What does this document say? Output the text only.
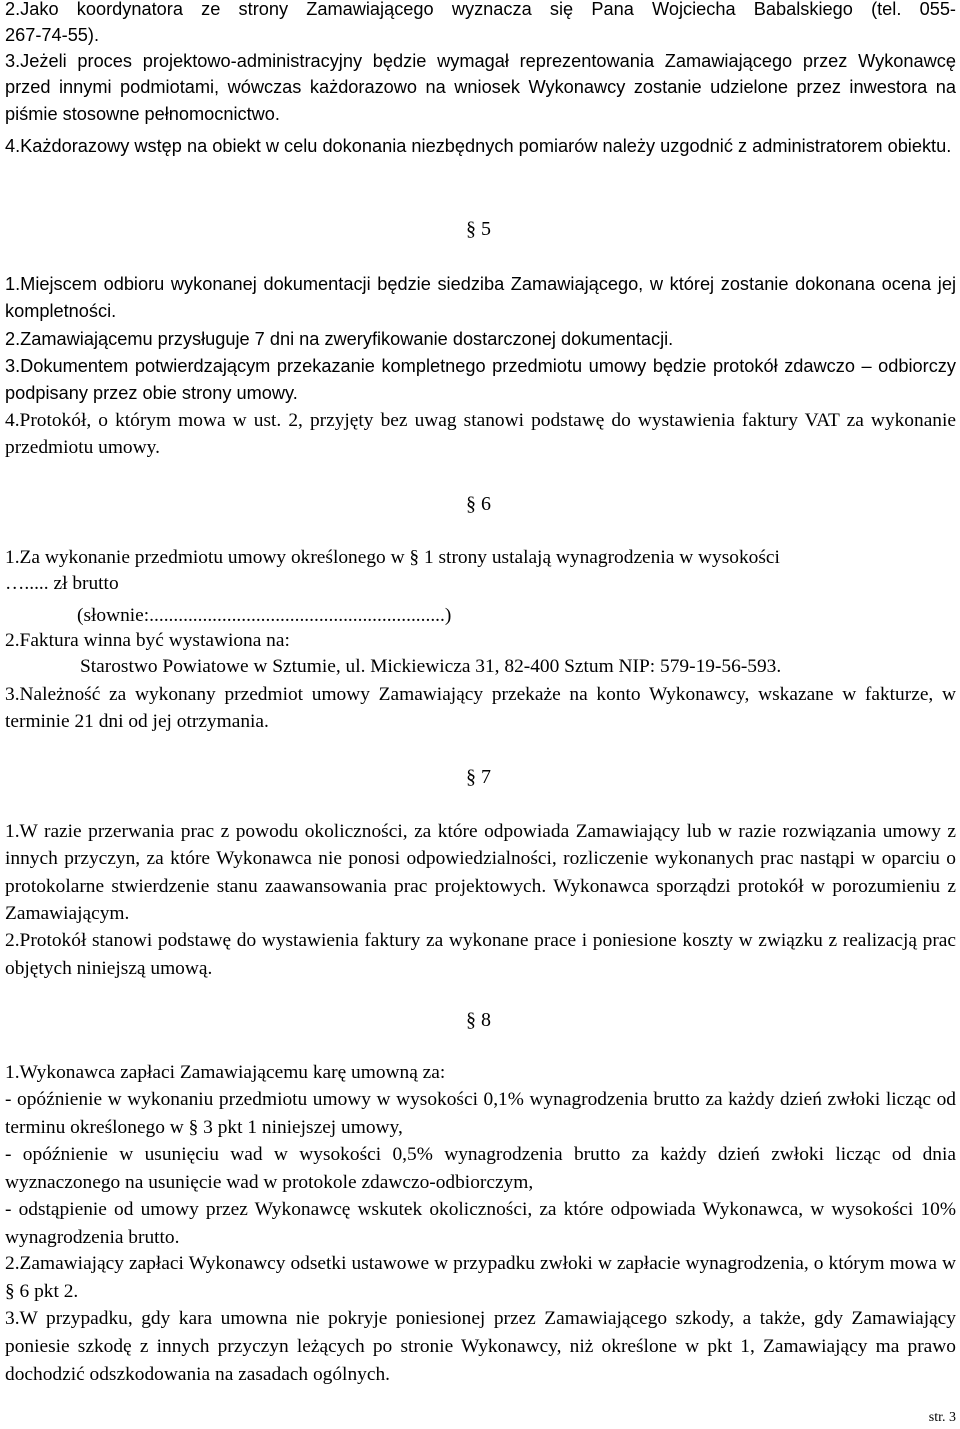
2.Jako koordynatora ze strony Zamawiającego wyznacza się Pana Wojciecha Babalskiego (tel. 055-
267-74-55).

3.Jeżeli proces projektowo-administracyjny będzie wymagał reprezentowania Zamawiającego przez Wykonawcę przed innymi podmiotami, wówczas każdorazowo na wniosek Wykonawcy zostanie udzielone przez inwestora na piśmie stosowne pełnomocnictwo.

4.Każdorazowy wstęp na obiekt w celu dokonania niezbędnych pomiarów należy uzgodnić z administratorem obiektu.

§ 5

1.Miejscem odbioru wykonanej dokumentacji będzie siedziba Zamawiającego, w której zostanie dokonana ocena jej kompletności.

2.Zamawiającemu przysługuje 7 dni na zweryfikowanie dostarczonej dokumentacji.

3.Dokumentem potwierdzającym przekazanie kompletnego przedmiotu umowy będzie protokół zdawczo – odbiorczy podpisany przez obie strony umowy.

4.Protokół, o którym mowa w ust. 2, przyjęty bez uwag stanowi podstawę do wystawienia faktury VAT za wykonanie przedmiotu umowy.

§ 6
1.Za wykonanie przedmiotu umowy określonego w § 1 strony ustalają wynagrodzenia w wysokości
…..... zł brutto
(słownie:.............................................................)
2.Faktura winna być wystawiona na:
Starostwo Powiatowe w Sztumie, ul. Mickiewicza 31, 82-400 Sztum NIP: 579-19-56-593.

3.Należność za wykonany przedmiot umowy Zamawiający przekaże na konto Wykonawcy, wskazane w fakturze, w terminie 21 dni od jej otrzymania.

§ 7

1.W razie przerwania prac z powodu okoliczności, za które odpowiada Zamawiający lub w razie rozwiązania umowy z innych przyczyn, za które Wykonawca nie ponosi odpowiedzialności, rozliczenie wykonanych prac nastąpi w oparciu o protokolarne stwierdzenie stanu zaawansowania prac projektowych. Wykonawca sporządzi protokół w porozumieniu z Zamawiającym.

2.Protokół stanowi podstawę do wystawienia faktury za wykonane prace i poniesione koszty w związku z realizacją prac objętych niniejszą umową.

§ 8
1.Wykonawca zapłaci Zamawiającemu karę umowną za:

- opóźnienie w wykonaniu przedmiotu umowy w wysokości 0,1% wynagrodzenia brutto za każdy dzień zwłoki licząc od terminu określonego w § 3 pkt 1 niniejszej umowy,

- opóźnienie w usunięciu wad w wysokości 0,5% wynagrodzenia brutto za każdy dzień zwłoki licząc od dnia wyznaczonego na usunięcie wad w protokole zdawczo-odbiorczym,

- odstąpienie od umowy przez Wykonawcę wskutek okoliczności, za które odpowiada Wykonawca, w wysokości 10% wynagrodzenia brutto.

2.Zamawiający zapłaci Wykonawcy odsetki ustawowe w przypadku zwłoki w zapłacie wynagrodzenia, o którym mowa w § 6 pkt 2.

3.W przypadku, gdy kara umowna nie pokryje poniesionej przez Zamawiającego szkody, a także, gdy Zamawiający poniesie szkodę z innych przyczyn leżących po stronie Wykonawcy, niż określone w pkt 1, Zamawiający ma prawo dochodzić odszkodowania na zasadach ogólnych.

str. 3
